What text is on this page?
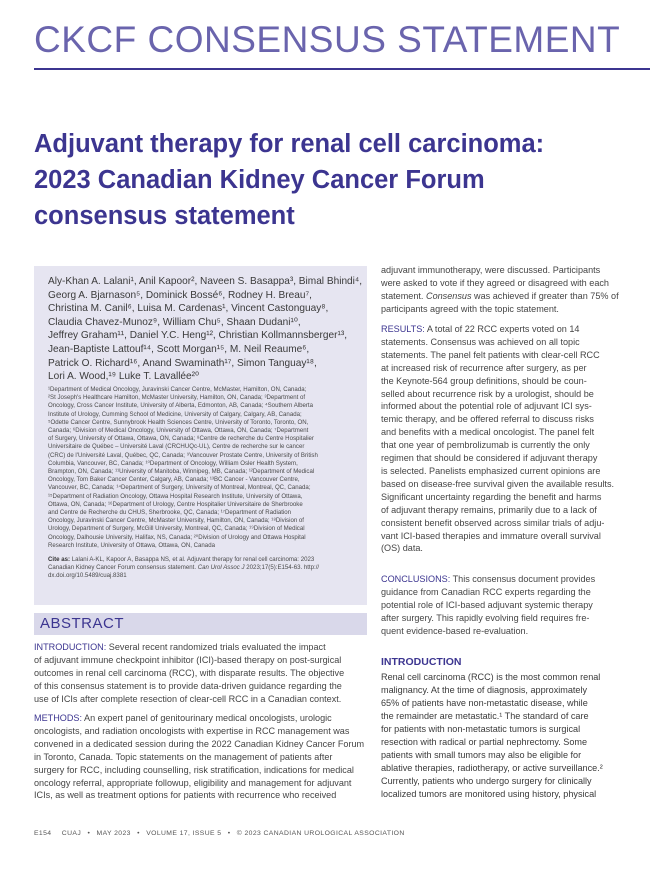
CKCF CONSENSUS STATEMENT
Adjuvant therapy for renal cell carcinoma:
2023 Canadian Kidney Cancer Forum
consensus statement
Aly-Khan A. Lalani¹, Anil Kapoor², Naveen S. Basappa³, Bimal Bhindi⁴,
Georg A. Bjarnason⁵, Dominick Bossé⁶, Rodney H. Breau⁷,
Christina M. Canil⁶, Luisa M. Cardenas¹, Vincent Castonguay⁸,
Claudia Chavez-Munoz⁹, William Chu⁵, Shaan Dudani¹⁰,
Jeffrey Graham¹¹, Daniel Y.C. Heng¹², Christian Kollmannsberger¹³,
Jean-Baptiste Lattouf¹⁴, Scott Morgan¹⁵, M. Neil Reaume⁶,
Patrick O. Richard¹⁶, Anand Swaminath¹⁷, Simon Tanguay¹⁸,
Lori A. Wood,¹⁹ Luke T. Lavallée²⁰
¹Department of Medical Oncology, Juravinski Cancer Centre, McMaster, Hamilton, ON, Canada;
²St Joseph's Healthcare Hamilton, McMaster University, Hamilton, ON, Canada; ³Department of
Oncology, Cross Cancer Institute, University of Alberta, Edmonton, AB, Canada; ⁴Southern Alberta
Institute of Urology, Cumming School of Medicine, University of Calgary, Calgary, AB, Canada;
⁵Odette Cancer Centre, Sunnybrook Health Sciences Centre, University of Toronto, Toronto, ON,
Canada; ⁶Division of Medical Oncology, University of Ottawa, Ottawa, ON, Canada; ⁷Department
of Surgery, University of Ottawa, Ottawa, ON, Canada; ⁸Centre de recherche du Centre Hospitalier
Universitaire de Québec – Université Laval (CRCHUQc-UL), Centre de recherche sur le cancer
(CRC) de l'Université Laval, Québec, QC, Canada; ⁹Vancouver Prostate Centre, University of British
Columbia, Vancouver, BC, Canada; ¹⁰Department of Oncology, William Osler Health System,
Brampton, ON, Canada; ¹¹University of Manitoba, Winnipeg, MB, Canada; ¹²Department of Medical
Oncology, Tom Baker Cancer Center, Calgary, AB, Canada; ¹³BC Cancer - Vancouver Centre,
Vancouver, BC, Canada; ¹⁴Department of Surgery, University of Montreal, Montreal, QC, Canada;
¹⁵Department of Radiation Oncology, Ottawa Hospital Research Institute, University of Ottawa,
Ottawa, ON, Canada; ¹⁶Department of Urology, Centre Hospitalier Universitaire de Sherbrooke
and Centre de Recherche du CHUS, Sherbrooke, QC, Canada; ¹⁷Department of Radiation
Oncology, Juravinski Cancer Centre, McMaster University, Hamilton, ON, Canada; ¹⁸Division of
Urology, Department of Surgery, McGill University, Montreal, QC, Canada; ¹⁹Division of Medical
Oncology, Dalhousie University, Halifax, NS, Canada; ²⁰Division of Urology and Ottawa Hospital
Research Institute, University of Ottawa, Ottawa, ON, Canada
Cite as: Lalani A-KL, Kapoor A, Basappa NS, et al. Adjuvant therapy for renal cell carcinoma: 2023
Canadian Kidney Cancer Forum consensus statement. Can Urol Assoc J 2023;17(5):E154-63. http://
dx.doi.org/10.5489/cuaj.8381
ABSTRACT
INTRODUCTION: Several recent randomized trials evaluated the impact
of adjuvant immune checkpoint inhibitor (ICI)-based therapy on post-surgical
outcomes in renal cell carcinoma (RCC), with disparate results. The objective
of this consensus statement is to provide data-driven guidance regarding the
use of ICIs after complete resection of clear-cell RCC in a Canadian context.
METHODS: An expert panel of genitourinary medical oncologists, urologic
oncologists, and radiation oncologists with expertise in RCC management was
convened in a dedicated session during the 2022 Canadian Kidney Cancer Forum
in Toronto, Canada. Topic statements on the management of patients after
surgery for RCC, including counselling, risk stratification, indications for medical
oncology referral, appropriate followup, eligibility and management for adjuvant
ICIs, as well as treatment options for patients with recurrence who received
adjuvant immunotherapy, were discussed. Participants
were asked to vote if they agreed or disagreed with each
statement. Consensus was achieved if greater than 75% of
participants agreed with the topic statement.
RESULTS: A total of 22 RCC experts voted on 14
statements. Consensus was achieved on all topic
statements. The panel felt patients with clear-cell RCC
at increased risk of recurrence after surgery, as per
the Keynote-564 group definitions, should be coun-
selled about recurrence risk by a urologist, should be
informed about the potential role of adjuvant ICI sys-
temic therapy, and be offered referral to discuss risks
and benefits with a medical oncologist. The panel felt
that one year of pembrolizumab is currently the only
regimen that should be considered if adjuvant therapy
is selected. Panelists emphasized current opinions are
based on disease-free survival given the available results.
Significant uncertainty regarding the benefit and harms
of adjuvant therapy remains, primarily due to a lack of
consistent benefit observed across similar trials of adju-
vant ICI-based therapies and immature overall survival
(OS) data.
CONCLUSIONS: This consensus document provides
guidance from Canadian RCC experts regarding the
potential role of ICI-based adjuvant systemic therapy
after surgery. This rapidly evolving field requires fre-
quent evidence-based re-evaluation.
INTRODUCTION
Renal cell carcinoma (RCC) is the most common renal
malignancy. At the time of diagnosis, approximately
65% of patients have non-metastatic disease, while
the remainder are metastatic.¹ The standard of care
for patients with non-metastatic tumors is surgical
resection with radical or partial nephrectomy. Some
patients with small tumors may also be eligible for
ablative therapies, radiotherapy, or active surveillance.²
Currently, patients who undergo surgery for clinically
localized tumors are monitored using history, physical
E154 CUAJ • MAY 2023 • VOLUME 17, ISSUE 5 • © 2023 CANADIAN UROLOGICAL ASSOCIATION
